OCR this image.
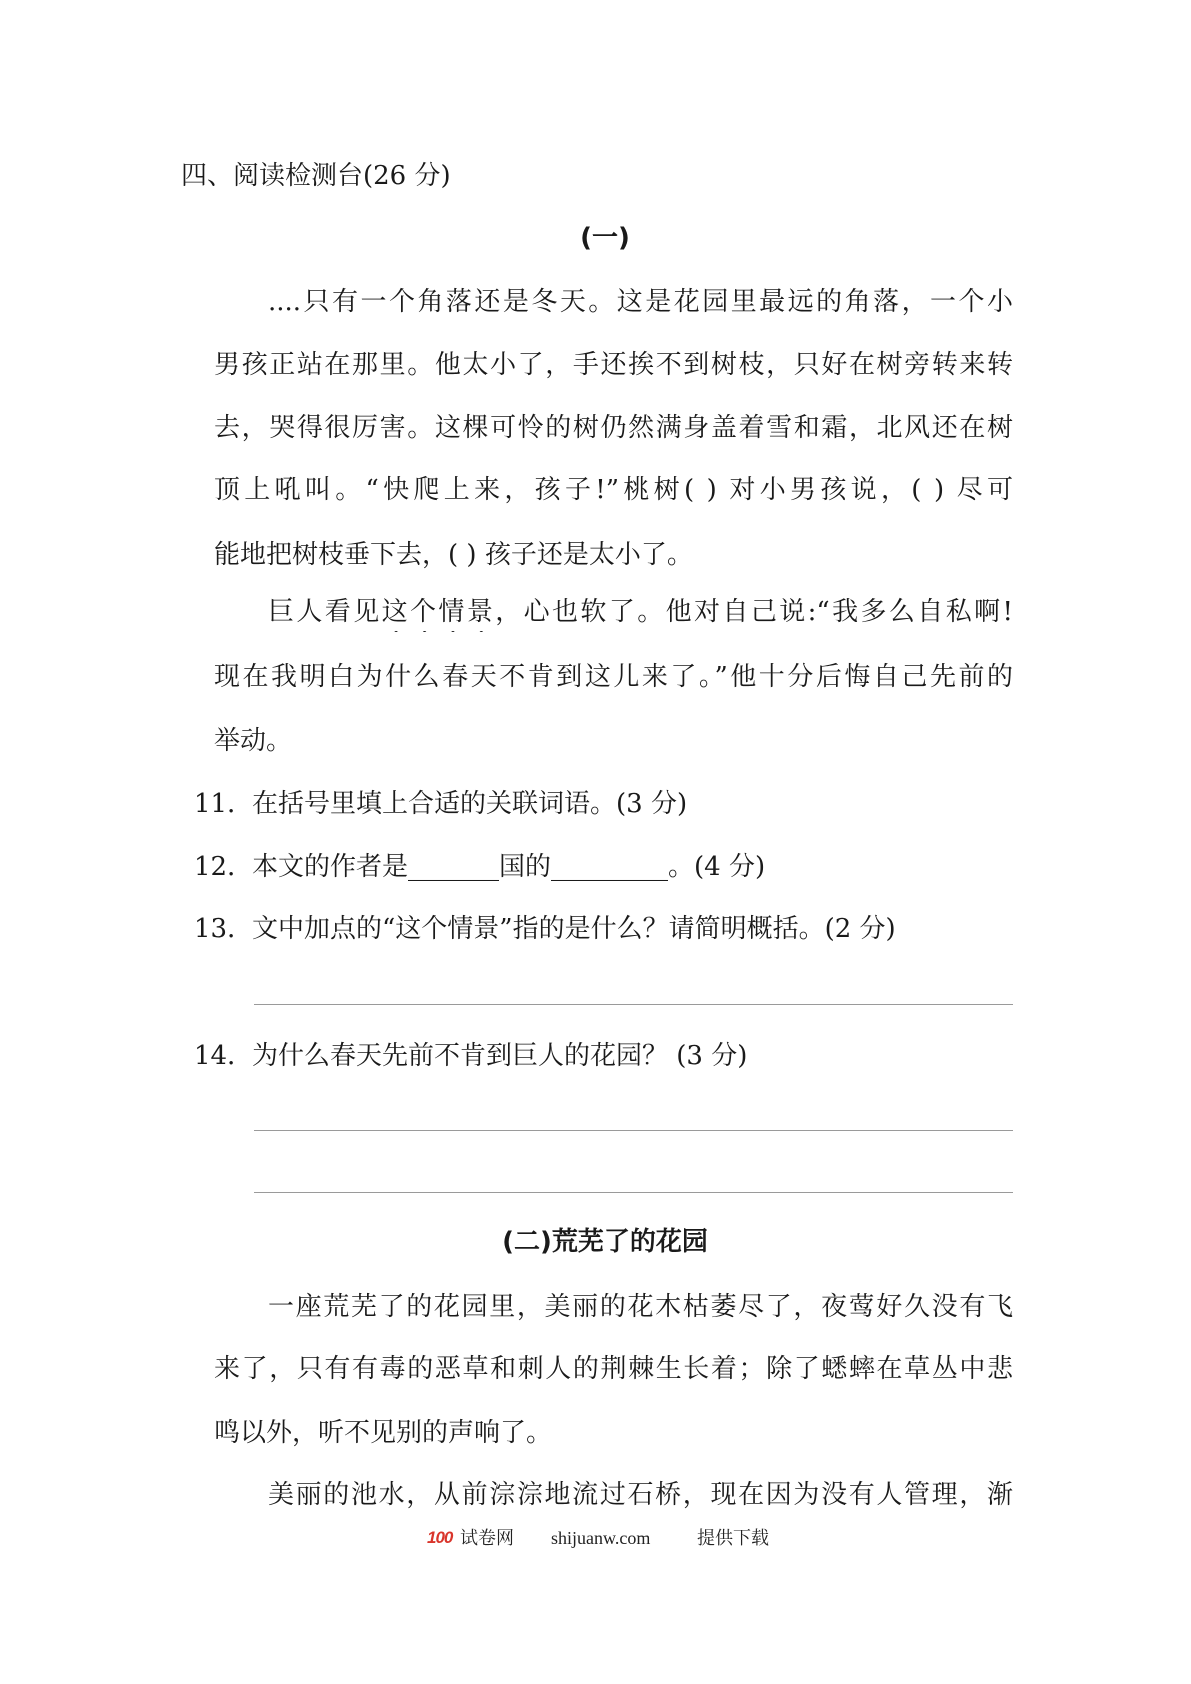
四、阅读检测台(26 分)
(一)
....只有一个角落还是冬天。这是花园里最远的角落，一个小
男孩正站在那里。他太小了，手还挨不到树枝，只好在树旁转来转
去，哭得很厉害。这棵可怜的树仍然满身盖着雪和霜，北风还在树
顶上吼叫。“快爬上来，孩子!”桃树( ) 对小男孩说，( ) 尽可
能地把树枝垂下去，( ) 孩子还是太小了。
巨人看见这个情景，心也软了。他对自己说:“我多么自私啊!
现在我明白为什么春天不肯到这儿来了。”他十分后悔自己先前的
举动。
11．在括号里填上合适的关联词语。(3 分)
12．本文的作者是_______国的_________。(4 分)
13．文中加点的“这个情景”指的是什么？请简明概括。(2 分)
14．为什么春天先前不肯到巨人的花园？ (3 分)
(二)荒芜了的花园
一座荒芜了的花园里，美丽的花木枯萎尽了，夜莺好久没有飞
来了，只有有毒的恶草和刺人的荆棘生长着；除了蟋蟀在草丛中悲
鸣以外，听不见别的声响了。
美丽的池水，从前淙淙地流过石桥，现在因为没有人管理，渐
100 试卷网 shijuanw.com	提供下载
